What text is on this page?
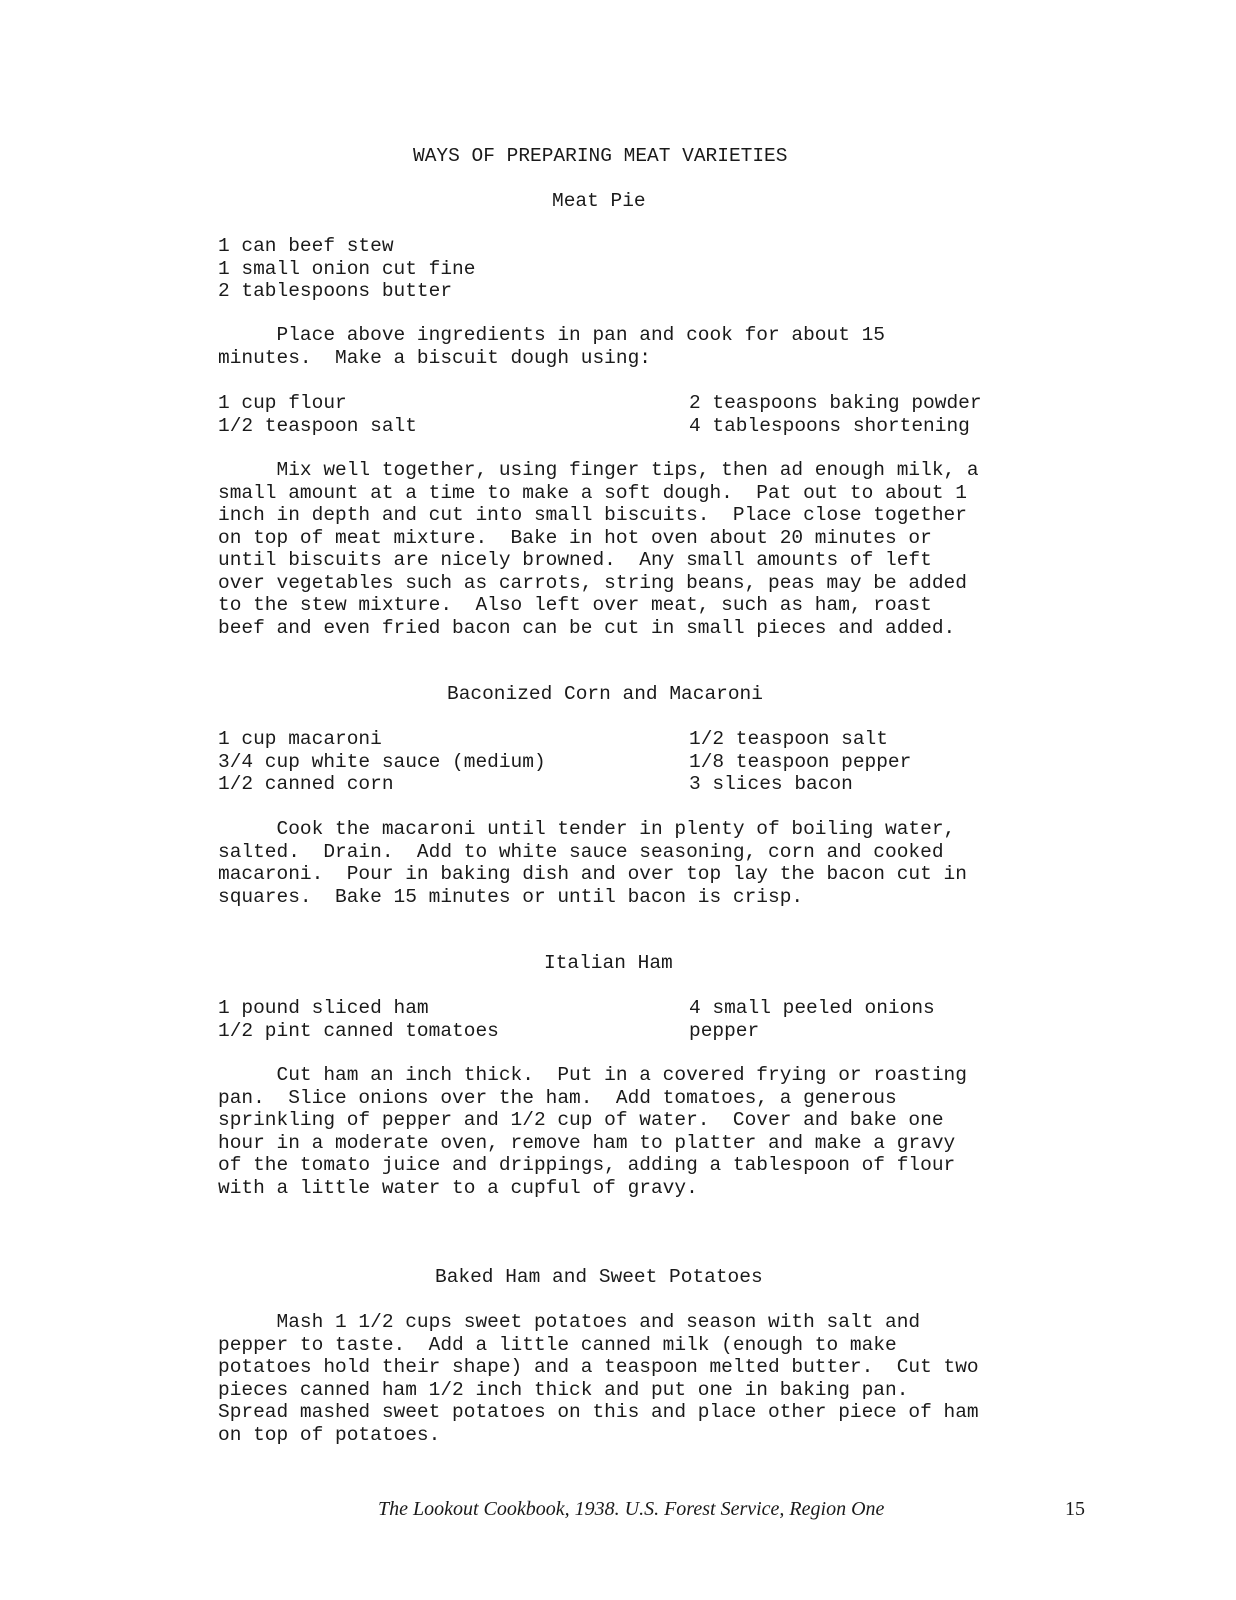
WAYS OF PREPARING MEAT VARIETIES
Meat Pie
1 can beef stew
1 small onion cut fine
2 tablespoons butter
Place above ingredients in pan and cook for about 15
minutes.  Make a biscuit dough using:
1 cup flour	2 teaspoons baking powder
1/2 teaspoon salt	4 tablespoons shortening
Mix well together, using finger tips, then ad enough milk, a
small amount at a time to make a soft dough.  Pat out to about 1
inch in depth and cut into small biscuits.  Place close together
on top of meat mixture.  Bake in hot oven about 20 minutes or
until biscuits are nicely browned.  Any small amounts of left
over vegetables such as carrots, string beans, peas may be added
to the stew mixture.  Also left over meat, such as ham, roast
beef and even fried bacon can be cut in small pieces and added.
Baconized Corn and Macaroni
1 cup macaroni	1/2 teaspoon salt
3/4 cup white sauce (medium)	1/8 teaspoon pepper
1/2 canned corn	3 slices bacon
Cook the macaroni until tender in plenty of boiling water,
salted.  Drain.  Add to white sauce seasoning, corn and cooked
macaroni.  Pour in baking dish and over top lay the bacon cut in
squares.  Bake 15 minutes or until bacon is crisp.
Italian Ham
1 pound sliced ham	4 small peeled onions
1/2 pint canned tomatoes	pepper
Cut ham an inch thick.  Put in a covered frying or roasting
pan.  Slice onions over the ham.  Add tomatoes, a generous
sprinkling of pepper and 1/2 cup of water.  Cover and bake one
hour in a moderate oven, remove ham to platter and make a gravy
of the tomato juice and drippings, adding a tablespoon of flour
with a little water to a cupful of gravy.
Baked Ham and Sweet Potatoes
Mash 1 1/2 cups sweet potatoes and season with salt and
pepper to taste.  Add a little canned milk (enough to make
potatoes hold their shape) and a teaspoon melted butter.  Cut two
pieces canned ham 1/2 inch thick and put one in baking pan.
Spread mashed sweet potatoes on this and place other piece of ham
on top of potatoes.
The Lookout Cookbook, 1938. U.S. Forest Service, Region One	15
